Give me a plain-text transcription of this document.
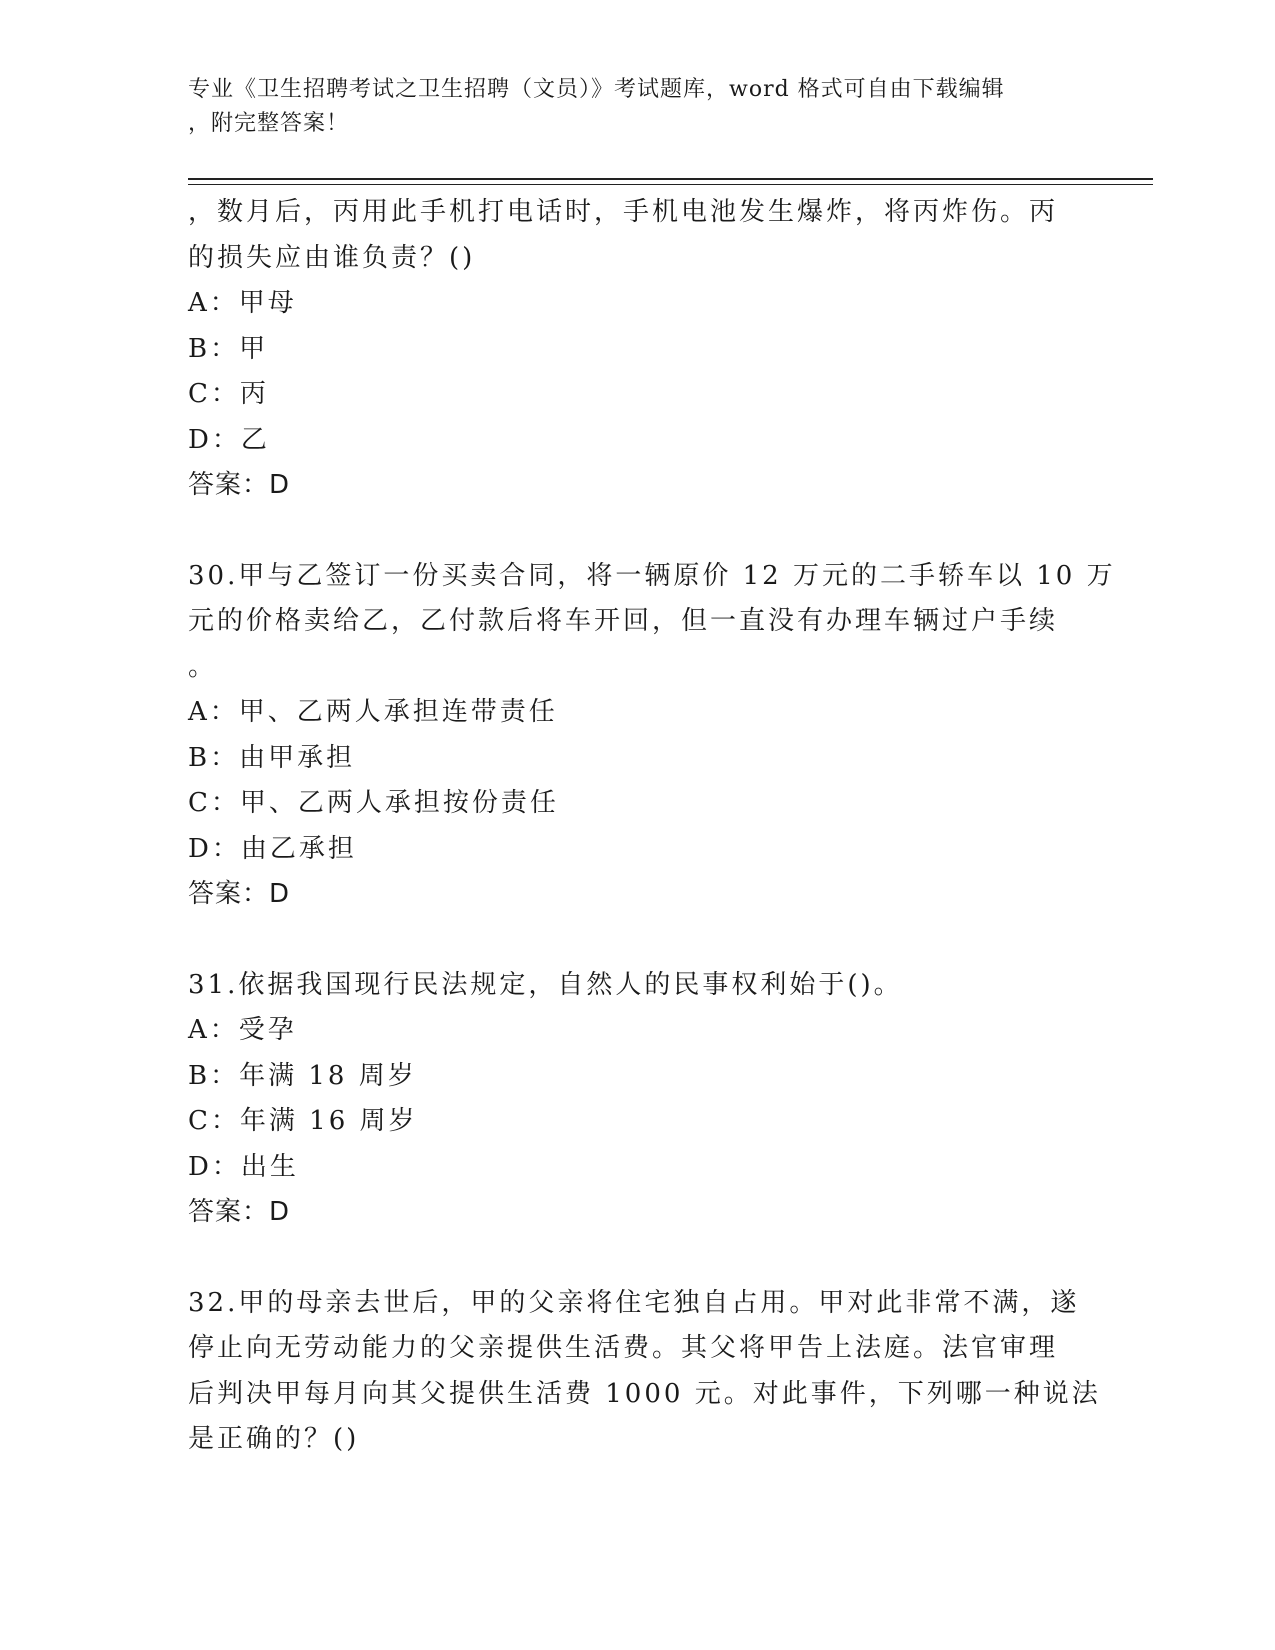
专业《卫生招聘考试之卫生招聘（文员）》考试题库，word 格式可自由下载编辑
，附完整答案！
，数月后，丙用此手机打电话时，手机电池发生爆炸，将丙炸伤。丙
的损失应由谁负责？()
A：甲母
B：甲
C：丙
D：乙
答案：D
30.甲与乙签订一份买卖合同，将一辆原价 12 万元的二手轿车以 10 万
元的价格卖给乙，乙付款后将车开回，但一直没有办理车辆过户手续
。
A：甲、乙两人承担连带责任
B：由甲承担
C：甲、乙两人承担按份责任
D：由乙承担
答案：D
31.依据我国现行民法规定，自然人的民事权利始于()。
A：受孕
B：年满 18 周岁
C：年满 16 周岁
D：出生
答案：D
32.甲的母亲去世后，甲的父亲将住宅独自占用。甲对此非常不满，遂
停止向无劳动能力的父亲提供生活费。其父将甲告上法庭。法官审理
后判决甲每月向其父提供生活费 1000 元。对此事件，下列哪一种说法
是正确的？()
